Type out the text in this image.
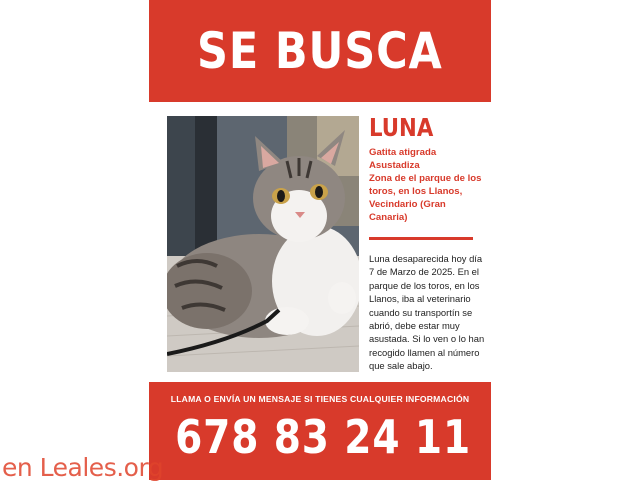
SE BUSCA
LUNA
Gatita atigrada
Asustadiza
Zona de el parque de los toros, en los Llanos, Vecindario (Gran Canaria)
Luna desaparecida hoy día 7 de Marzo de 2025. En el parque de los toros, en los Llanos, iba al veterinario cuando su transportín se abrió, debe estar muy asustada. Si lo ven o lo han recogido llamen al número que sale abajo.
LLAMA O ENVÍA UN MENSAJE SI TIENES CUALQUIER INFORMACIÓN
678 83 24 11
en Leales.org
